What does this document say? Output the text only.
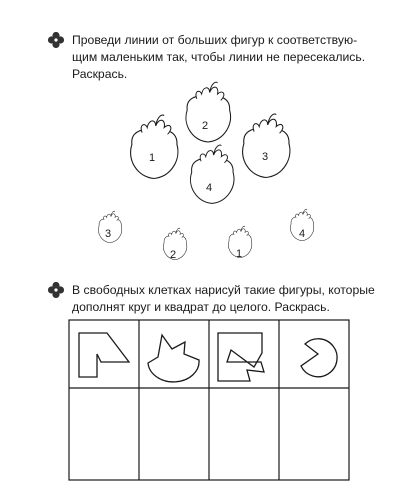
2
1	3
4
3
2	1
4
Проведи линии от больших фигур к соответствую-
щим маленьким так, чтобы линии не пересекались.
Раскрась.
В свободных клетках нарисуй такие фигуры, которые
дополнят круг и квадрат до целого. Раскрась.
